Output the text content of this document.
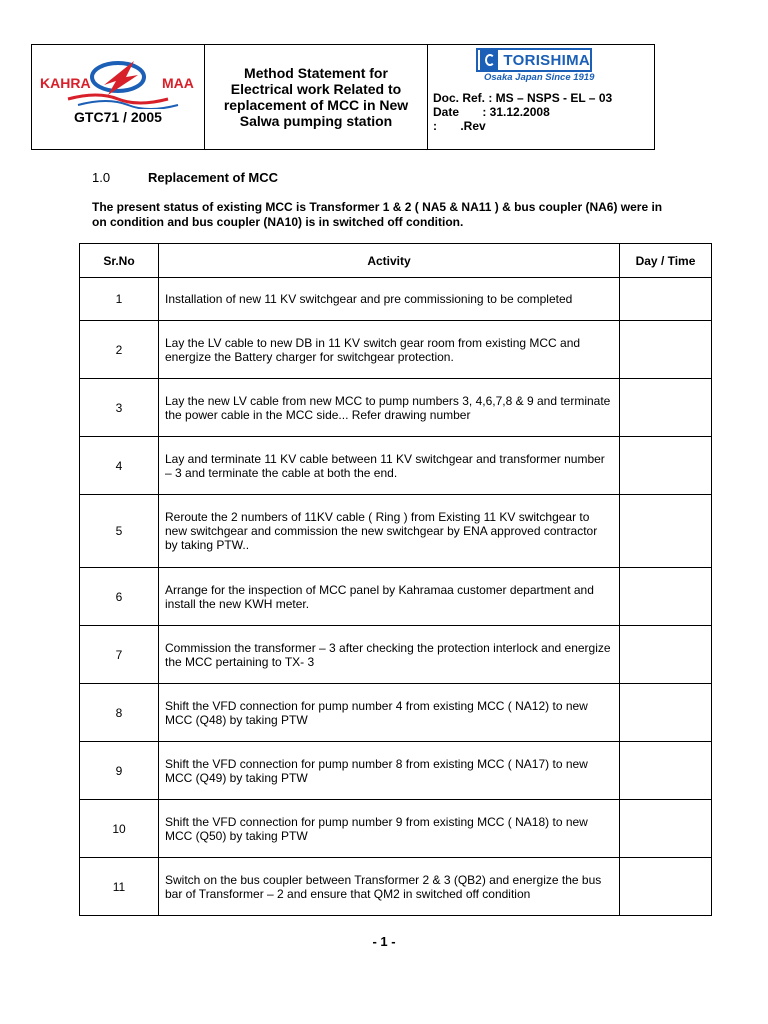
KAHRA	MAA
GTC71 / 2005
Method Statement for
Electrical work Related to
replacement of MCC in New
Salwa pumping station
TORISHIMA
Osaka Japan Since 1919
Doc. Ref. : MS – NSPS - EL – 03
Date       : 31.12.2008
:       .Rev
1.0	Replacement of MCC
The present status of existing MCC is Transformer 1 & 2 ( NA5 & NA11 ) & bus coupler (NA6) were in on condition and bus coupler (NA10) is in switched off condition.
Sr.No	Activity	Day / Time
1	Installation of new 11 KV switchgear and pre commissioning to be completed	
2	Lay the LV cable to new DB in 11 KV switch gear room from existing MCC and energize the Battery charger for switchgear protection.	
3	Lay the new LV cable from new MCC to pump numbers 3, 4,6,7,8 & 9 and terminate the power cable in the MCC side... Refer drawing number	
4	Lay and terminate 11 KV cable between 11 KV switchgear and transformer number – 3 and terminate the cable at both the end.	
5	Reroute the 2 numbers of 11KV cable ( Ring ) from Existing 11 KV switchgear to new switchgear and commission the new switchgear by ENA approved contractor by taking PTW..	
6	Arrange for the inspection of MCC panel by Kahramaa customer department and install the new KWH meter.	
7	Commission the transformer – 3 after checking the protection interlock and energize the MCC pertaining to TX- 3	
8	Shift the VFD connection for pump number 4 from existing MCC ( NA12) to new MCC (Q48) by taking PTW	
9	Shift the VFD connection for pump number 8 from existing MCC ( NA17) to new MCC (Q49) by taking PTW	
10	Shift the VFD connection for pump number 9 from existing MCC ( NA18) to new MCC (Q50) by taking PTW	
11	Switch on the bus coupler between Transformer 2 & 3 (QB2) and energize the bus bar of Transformer – 2 and ensure that QM2 in switched off condition	
- 1 -
